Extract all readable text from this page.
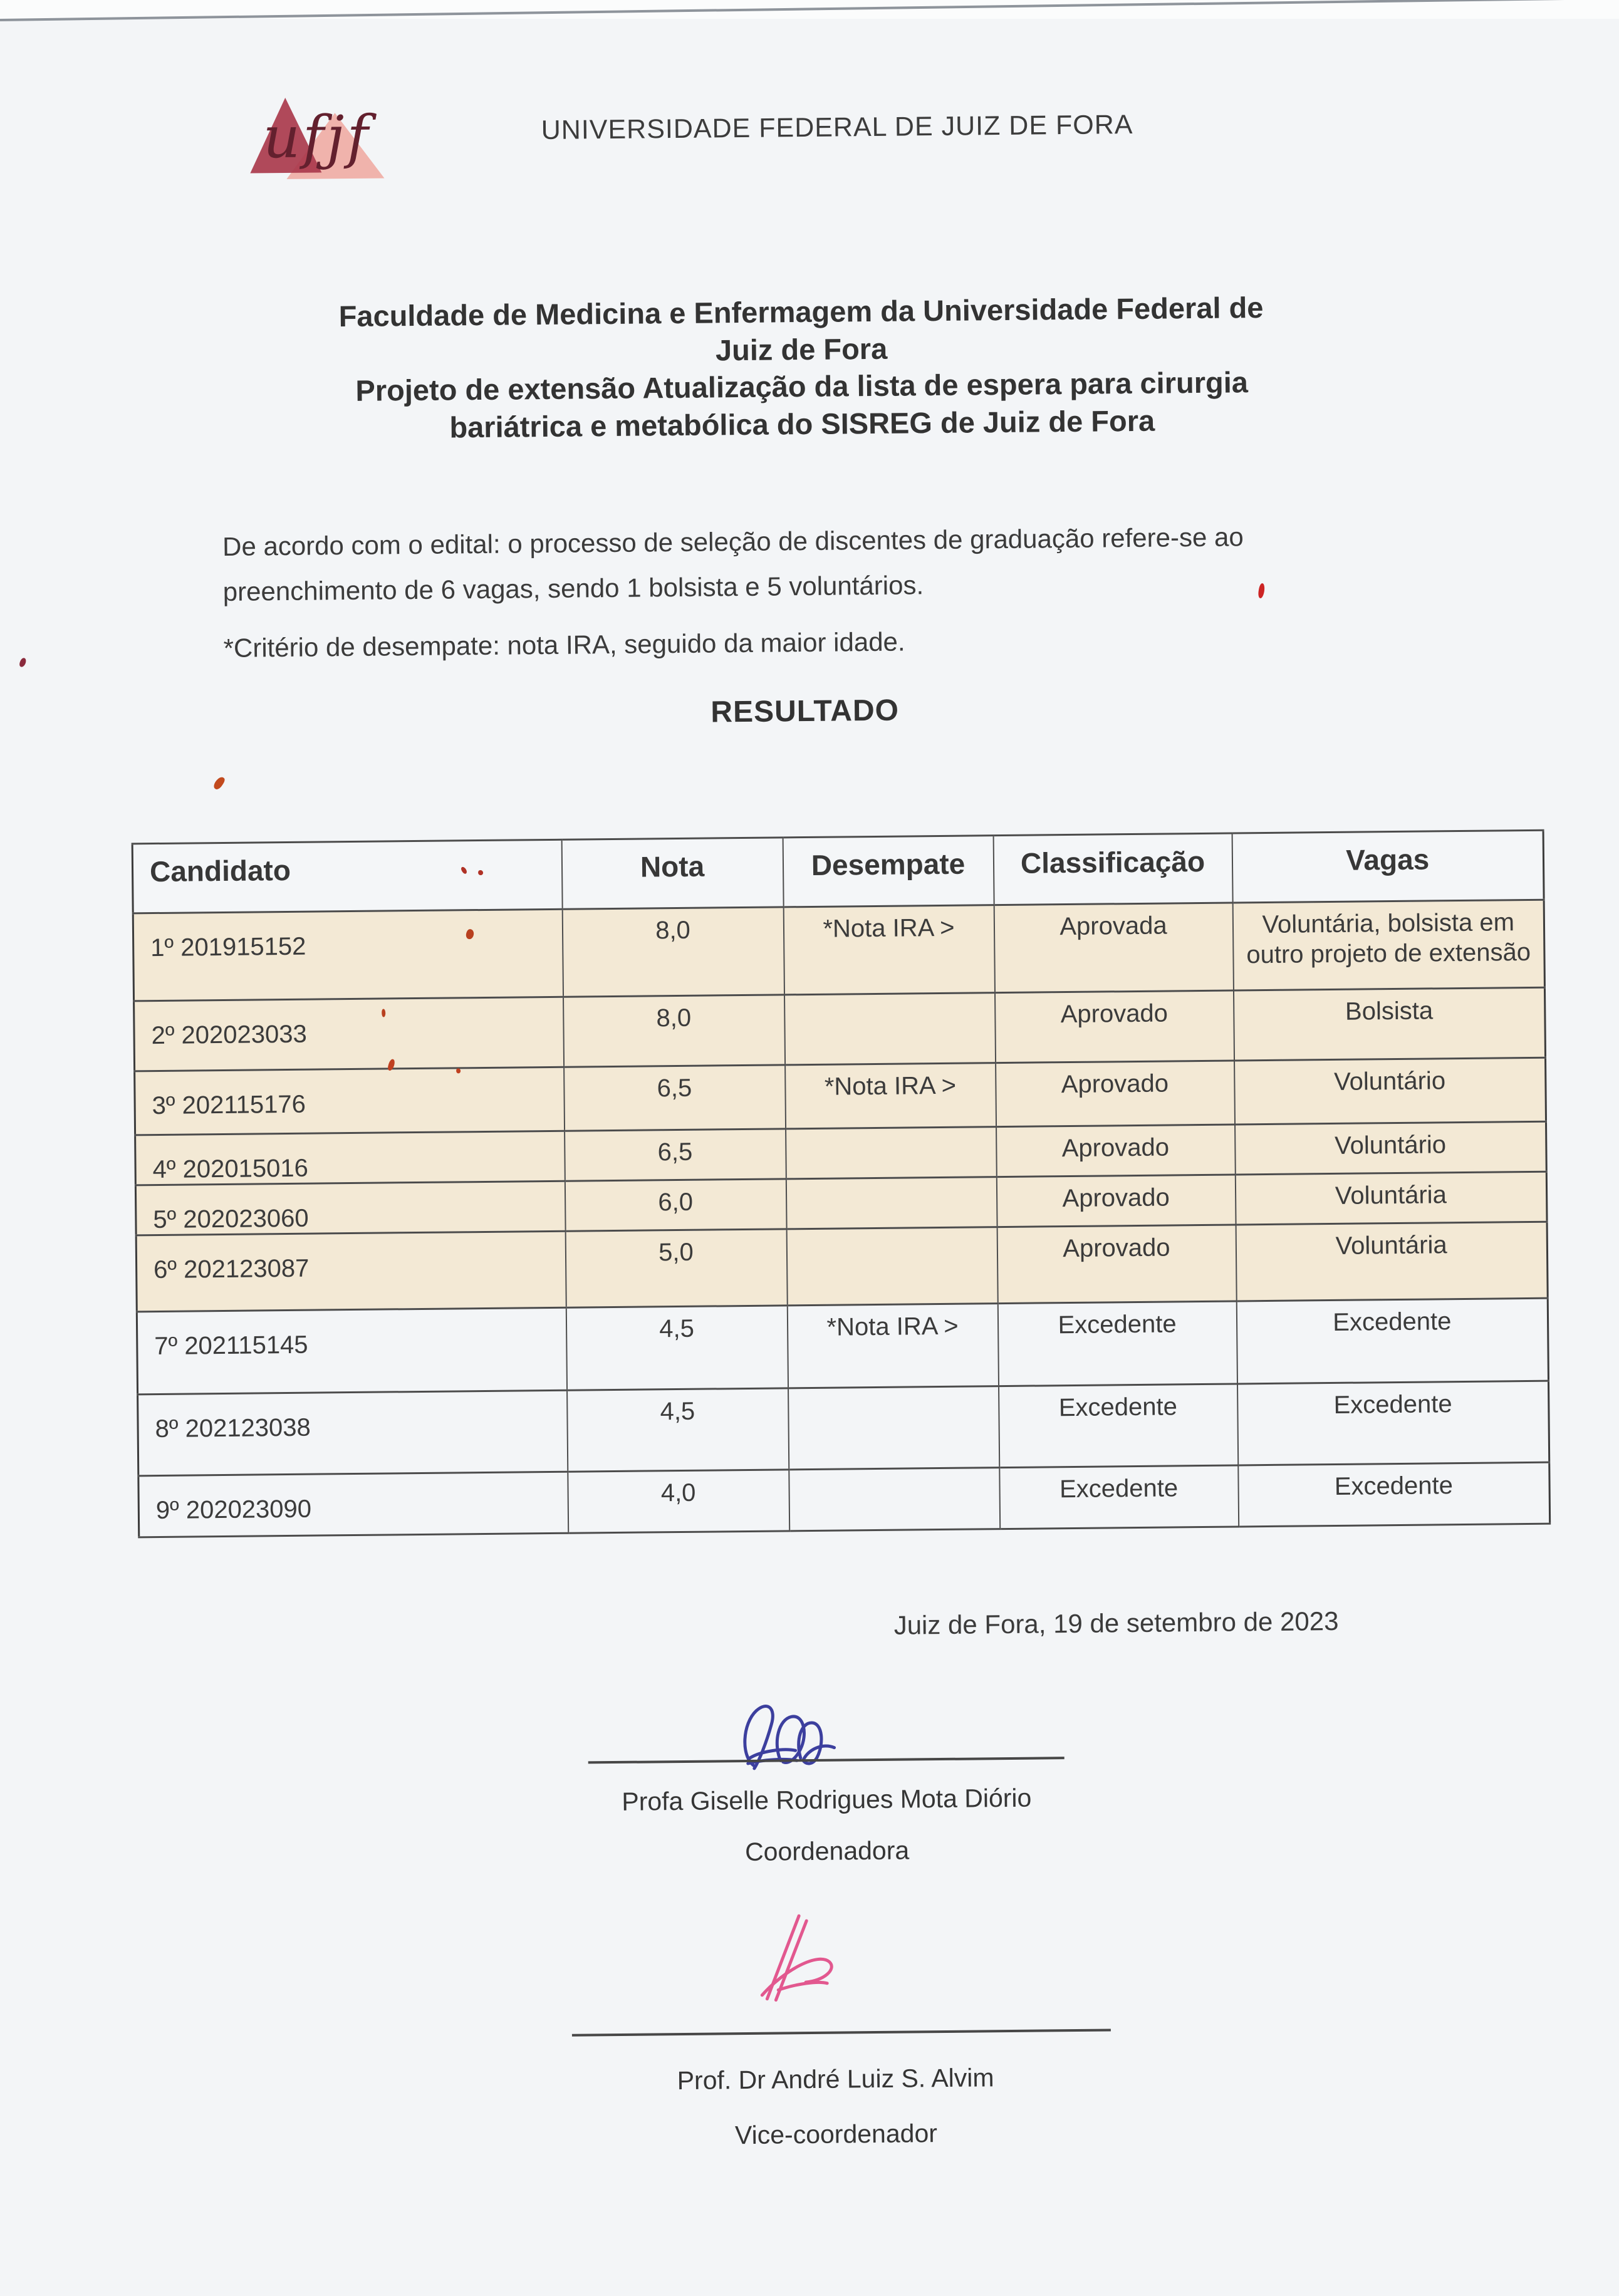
ufjf	UNIVERSIDADE FEDERAL DE JUIZ DE FORA
Faculdade de Medicina e Enfermagem da Universidade Federal de
Juiz de Fora
Projeto de extensão Atualização da lista de espera para cirurgia
bariátrica e metabólica do SISREG de Juiz de Fora
De acordo com o edital: o processo de seleção de discentes de graduação refere-se ao
preenchimento de 6 vagas, sendo 1 bolsista e 5 voluntários.
*Critério de desempate: nota IRA, seguido da maior idade.
RESULTADO
Candidato	Nota	Desempate	Classificação	Vagas
1º 201915152	8,0	*Nota IRA >	Aprovada	Voluntária, bolsista em outro projeto de extensão
2º 202023033	8,0		Aprovado	Bolsista
3º 202115176	6,5	*Nota IRA >	Aprovado	Voluntário
4º 202015016	6,5		Aprovado	Voluntário
5º 202023060	6,0		Aprovado	Voluntária
6º 202123087	5,0		Aprovado	Voluntária
7º 202115145	4,5	*Nota IRA >	Excedente	Excedente
8º 202123038	4,5		Excedente	Excedente
9º 202023090	4,0		Excedente	Excedente
Juiz de Fora, 19 de setembro de 2023
Profa Giselle Rodrigues Mota Diório
Coordenadora
Prof. Dr André Luiz S. Alvim
Vice-coordenador
